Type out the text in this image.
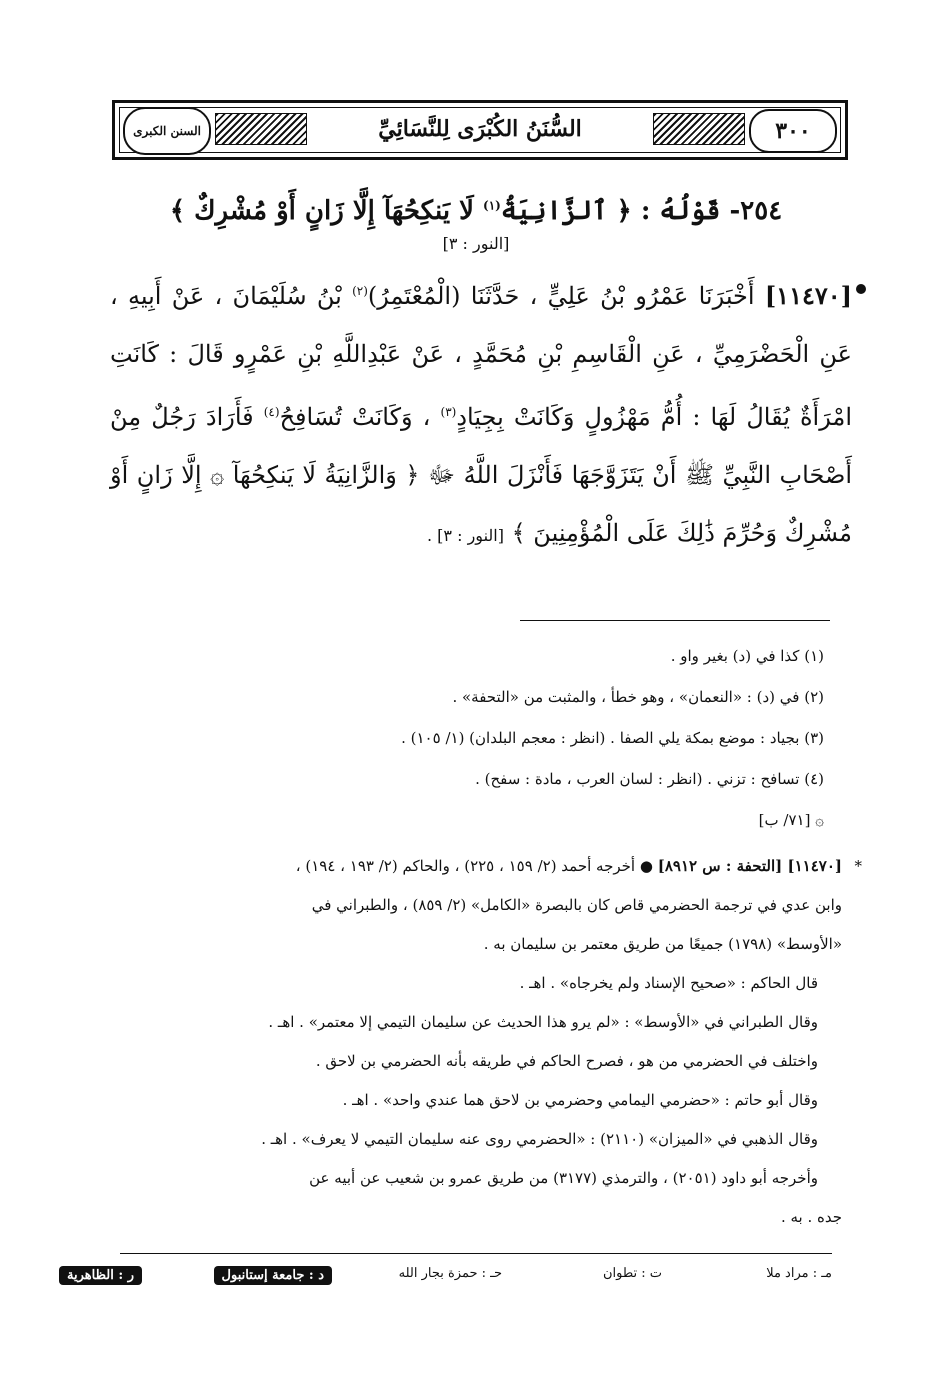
السنن الكبرى	السُّنَنُ الكُبْرَى لِلنَّسَائِيِّ	٣٠٠
٢٥٤- قَوْلُهُ : ﴿ ٱلزَّانِيَةُ$^{(١)}$ لَا يَنكِحُهَآ إِلَّا زَانٍ أَوْ مُشْرِكٌ ﴾ [النور : ٣]
[١١٤٧٠] أَخْبَرَنَا عَمْرُو بْنُ عَلِيٍّ ، حَدَّثَنَا (الْمُعْتَمِرُ)$^{(٢)}$ بْنُ سُلَيْمَانَ ، عَنْ أَبِيهِ ، عَنِ الْحَضْرَمِيِّ ، عَنِ الْقَاسِمِ بْنِ مُحَمَّدٍ ، عَنْ عَبْدِاللَّهِ بْنِ عَمْرٍو قَالَ : كَانَتِ امْرَأَةٌ يُقَالُ لَهَا : أُمُّ مَهْزُولٍ وَكَانَتْ بِجِيَادٍ$^{(٣)}$ ، وَكَانَتْ تُسَافِحُ$^{(٤)}$ فَأَرَادَ رَجُلٌ مِنْ أَصْحَابِ النَّبِيِّ ﷺ أَنْ يَتَزَوَّجَهَا فَأَنْزَلَ اللَّهُ ﷻ ﴿ وَالزَّانِيَةُ لَا يَنكِحُهَآ ۞ إِلَّا زَانٍ أَوْ مُشْرِكٌ وَحُرِّمَ ذَٰلِكَ عَلَى الْمُؤْمِنِينَ ﴾ [النور : ٣] .
(١) كذا في (د) بغير واو .
(٢) في (د) : «النعمان» ، وهو خطأ ، والمثبت من «التحفة» .
(٣) بجياد : موضع بمكة يلي الصفا . (انظر : معجم البلدان) (١/ ١٠٥) .
(٤) تسافح : تزني . (انظر : لسان العرب ، مادة : سفح) .
۞ [٧١/ ب]
*
[١١٤٧٠] [التحفة : س ٨٩١٢] ● أخرجه أحمد (٢/ ١٥٩ ، ٢٢٥) ، والحاكم (٢/ ١٩٣ ، ١٩٤) ،
وابن عدي في ترجمة الحضرمي قاص كان بالبصرة «الكامل» (٢/ ٨٥٩) ، والطبراني في
«الأوسط» (١٧٩٨) جميعًا من طريق معتمر بن سليمان به .
قال الحاكم : «صحيح الإسناد ولم يخرجاه» . اهـ .
وقال الطبراني في «الأوسط» : «لم يرو هذا الحديث عن سليمان التيمي إلا معتمر» . اهـ .
واختلف في الحضرمي من هو ، فصرح الحاكم في طريقه بأنه الحضرمي بن لاحق .
وقال أبو حاتم : «حضرمي اليمامي وحضرمي بن لاحق هما عندي واحد» . اهـ .
وقال الذهبي في «الميزان» (٢١١٠) : «الحضرمي روى عنه سليمان التيمي لا يعرف» . اهـ .
وأخرجه أبو داود (٢٠٥١) ، والترمذي (٣١٧٧) من طريق عمرو بن شعيب عن أبيه عن
جده . به .
مـ : مراد ملا
ت : تطوان
حـ : حمزة بجار الله
د : جامعة إستانبول
ر : الظاهرية
